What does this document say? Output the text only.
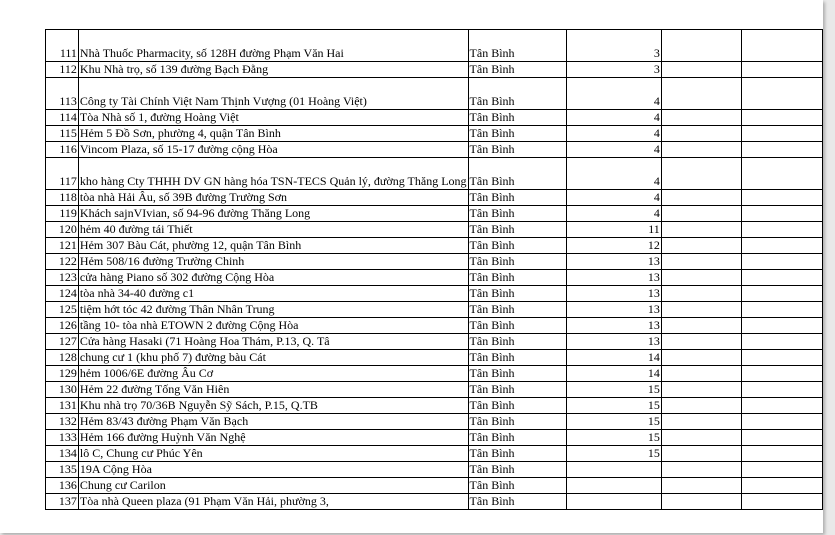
111	Nhà Thuốc Pharmacity, số 128H đường Phạm Văn Hai	Tân Bình	3		
112	Khu Nhà trọ, số 139 đường Bạch Đằng	Tân Bình	3		
113	Công ty Tài Chính Việt Nam Thịnh Vượng (01 Hoàng Việt)	Tân Bình	4		
114	Tòa Nhà số 1, đường Hoàng Việt	Tân Bình	4		
115	Hẻm 5 Đồ Sơn, phường 4, quận Tân Bình	Tân Bình	4		
116	Vincom Plaza, số 15-17 đường cộng Hòa	Tân Bình	4		
117	kho hàng Cty THHH DV GN hàng hóa TSN-TECS Quản lý, đường Thăng Long	Tân Bình	4		
118	tòa nhà Hải Âu, số 39B đường Trường Sơn	Tân Bình	4		
119	Khách sajnVIvian, số 94-96 đường Thăng Long	Tân Bình	4		
120	hẻm 40 đường tái Thiết	Tân Bình	11		
121	Hẻm 307 Bàu Cát, phường 12, quận Tân Bình	Tân Bình	12		
122	Hẻm 508/16 đường Trường Chinh	Tân Bình	13		
123	cửa hàng Piano số 302 đường Cộng Hòa	Tân Bình	13		
124	tòa nhà 34-40 đường c1	Tân Bình	13		
125	tiệm hớt tóc 42 đường Thân Nhân Trung	Tân Bình	13		
126	tầng 10- tòa nhà ETOWN 2 đường Cộng Hòa	Tân Bình	13		
127	Cửa hàng Hasaki (71 Hoàng Hoa Thám, P.13, Q. Tâ	Tân Bình	13		
128	chung cư 1 (khu phố 7) đường bàu Cát	Tân Bình	14		
129	hẻm 1006/6E đường Âu Cơ	Tân Bình	14		
130	Hẻm 22 đường Tống Văn Hiên	Tân Bình	15		
131	Khu nhà trọ 70/36B Nguyễn Sỹ Sách, P.15, Q.TB	Tân Bình	15		
132	Hẻm 83/43 đường Phạm Văn Bạch	Tân Bình	15		
133	Hẻm 166 đường Huỳnh Văn Nghệ	Tân Bình	15		
134	lô C, Chung cư Phúc Yên	Tân Bình	15		
135	19A Cộng Hòa	Tân Bình			
136	Chung cư Carilon	Tân Bình			
137	Tòa nhà Queen plaza (91 Phạm Văn Hải, phường 3,	Tân Bình			
